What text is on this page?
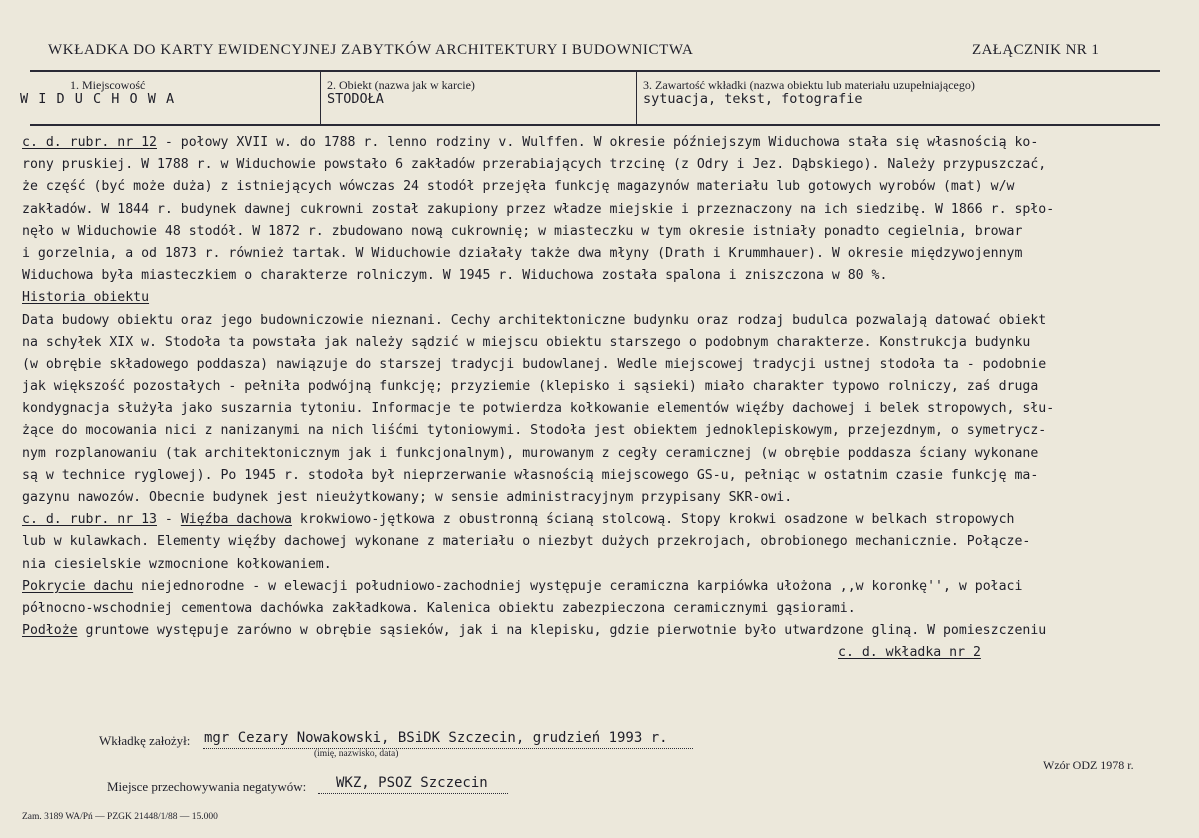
WKŁADKA DO KARTY EWIDENCYJNEJ ZABYTKÓW ARCHITEKTURY I BUDOWNICTWA	ZAŁĄCZNIK NR 1
1. Miejscowość
W I D U C H O W A
2. Obiekt (nazwa jak w karcie)
STODOŁA
3. Zawartość wkładki (nazwa obiektu lub materiału uzupełniającego)
sytuacja, tekst, fotografie
c. d. rubr. nr 12 - połowy XVII w. do 1788 r. lenno rodziny v. Wulffen. W okresie późniejszym Widuchowa stała się własnością ko-
rony pruskiej. W 1788 r. w Widuchowie powstało 6 zakładów przerabiających trzcinę (z Odry i Jez. Dąbskiego). Należy przypuszczać,
że część (być może duża) z istniejących wówczas 24 stodół przejęła funkcję magazynów materiału lub gotowych wyrobów (mat) w/w
zakładów. W 1844 r. budynek dawnej cukrowni został zakupiony przez władze miejskie i przeznaczony na ich siedzibę. W 1866 r. spło-
nęło w Widuchowie 48 stodół. W 1872 r. zbudowano nową cukrownię; w miasteczku w tym okresie istniały ponadto cegielnia, browar
i gorzelnia, a od 1873 r. również tartak. W Widuchowie działały także dwa młyny (Drath i Krummhauer). W okresie międzywojennym
Widuchowa była miasteczkiem o charakterze rolniczym. W 1945 r. Widuchowa została spalona i zniszczona w 80 %.
Historia obiektu
Data budowy obiektu oraz jego budowniczowie nieznani. Cechy architektoniczne budynku oraz rodzaj budulca pozwalają datować obiekt
na schyłek XIX w. Stodoła ta powstała jak należy sądzić w miejscu obiektu starszego o podobnym charakterze. Konstrukcja budynku
(w obrębie składowego poddasza) nawiązuje do starszej tradycji budowlanej. Wedle miejscowej tradycji ustnej stodoła ta - podobnie
jak większość pozostałych - pełniła podwójną funkcję; przyziemie (klepisko i sąsieki) miało charakter typowo rolniczy, zaś druga
kondygnacja służyła jako suszarnia tytoniu. Informacje te potwierdza kołkowanie elementów więźby dachowej i belek stropowych, słu-
żące do mocowania nici z nanizanymi na nich liśćmi tytoniowymi. Stodoła jest obiektem jednoklepiskowym, przejezdnym, o symetrycz-
nym rozplanowaniu (tak architektonicznym jak i funkcjonalnym), murowanym z cegły ceramicznej (w obrębie poddasza ściany wykonane
są w technice ryglowej). Po 1945 r. stodoła był nieprzerwanie własnością miejscowego GS-u, pełniąc w ostatnim czasie funkcję ma-
gazynu nawozów. Obecnie budynek jest nieużytkowany; w sensie administracyjnym przypisany SKR-owi.
c. d. rubr. nr 13 - Więźba dachowa krokwiowo-jętkowa z obustronną ścianą stolcową. Stopy krokwi osadzone w belkach stropowych
lub w kulawkach. Elementy więźby dachowej wykonane z materiału o niezbyt dużych przekrojach, obrobionego mechanicznie. Połącze-
nia ciesielskie wzmocnione kołkowaniem.
Pokrycie dachu niejednorodne - w elewacji południowo-zachodniej występuje ceramiczna karpiówka ułożona ,,w koronkę'', w połaci
północno-wschodniej cementowa dachówka zakładkowa. Kalenica obiektu zabezpieczona ceramicznymi gąsiorami.
Podłoże gruntowe występuje zarówno w obrębie sąsieków, jak i na klepisku, gdzie pierwotnie było utwardzone gliną. W pomieszczeniu
c. d. wkładka nr 2
Wkładkę założył: mgr Cezary Nowakowski, BSiDK Szczecin, grudzień 1993 r.
(imię, nazwisko, data)
Wzór ODZ 1978 r.
Miejsce przechowywania negatywów: WKZ, PSOZ Szczecin
Zam. 3189 WA/Pń — PZGK 21448/1/88 — 15.000
